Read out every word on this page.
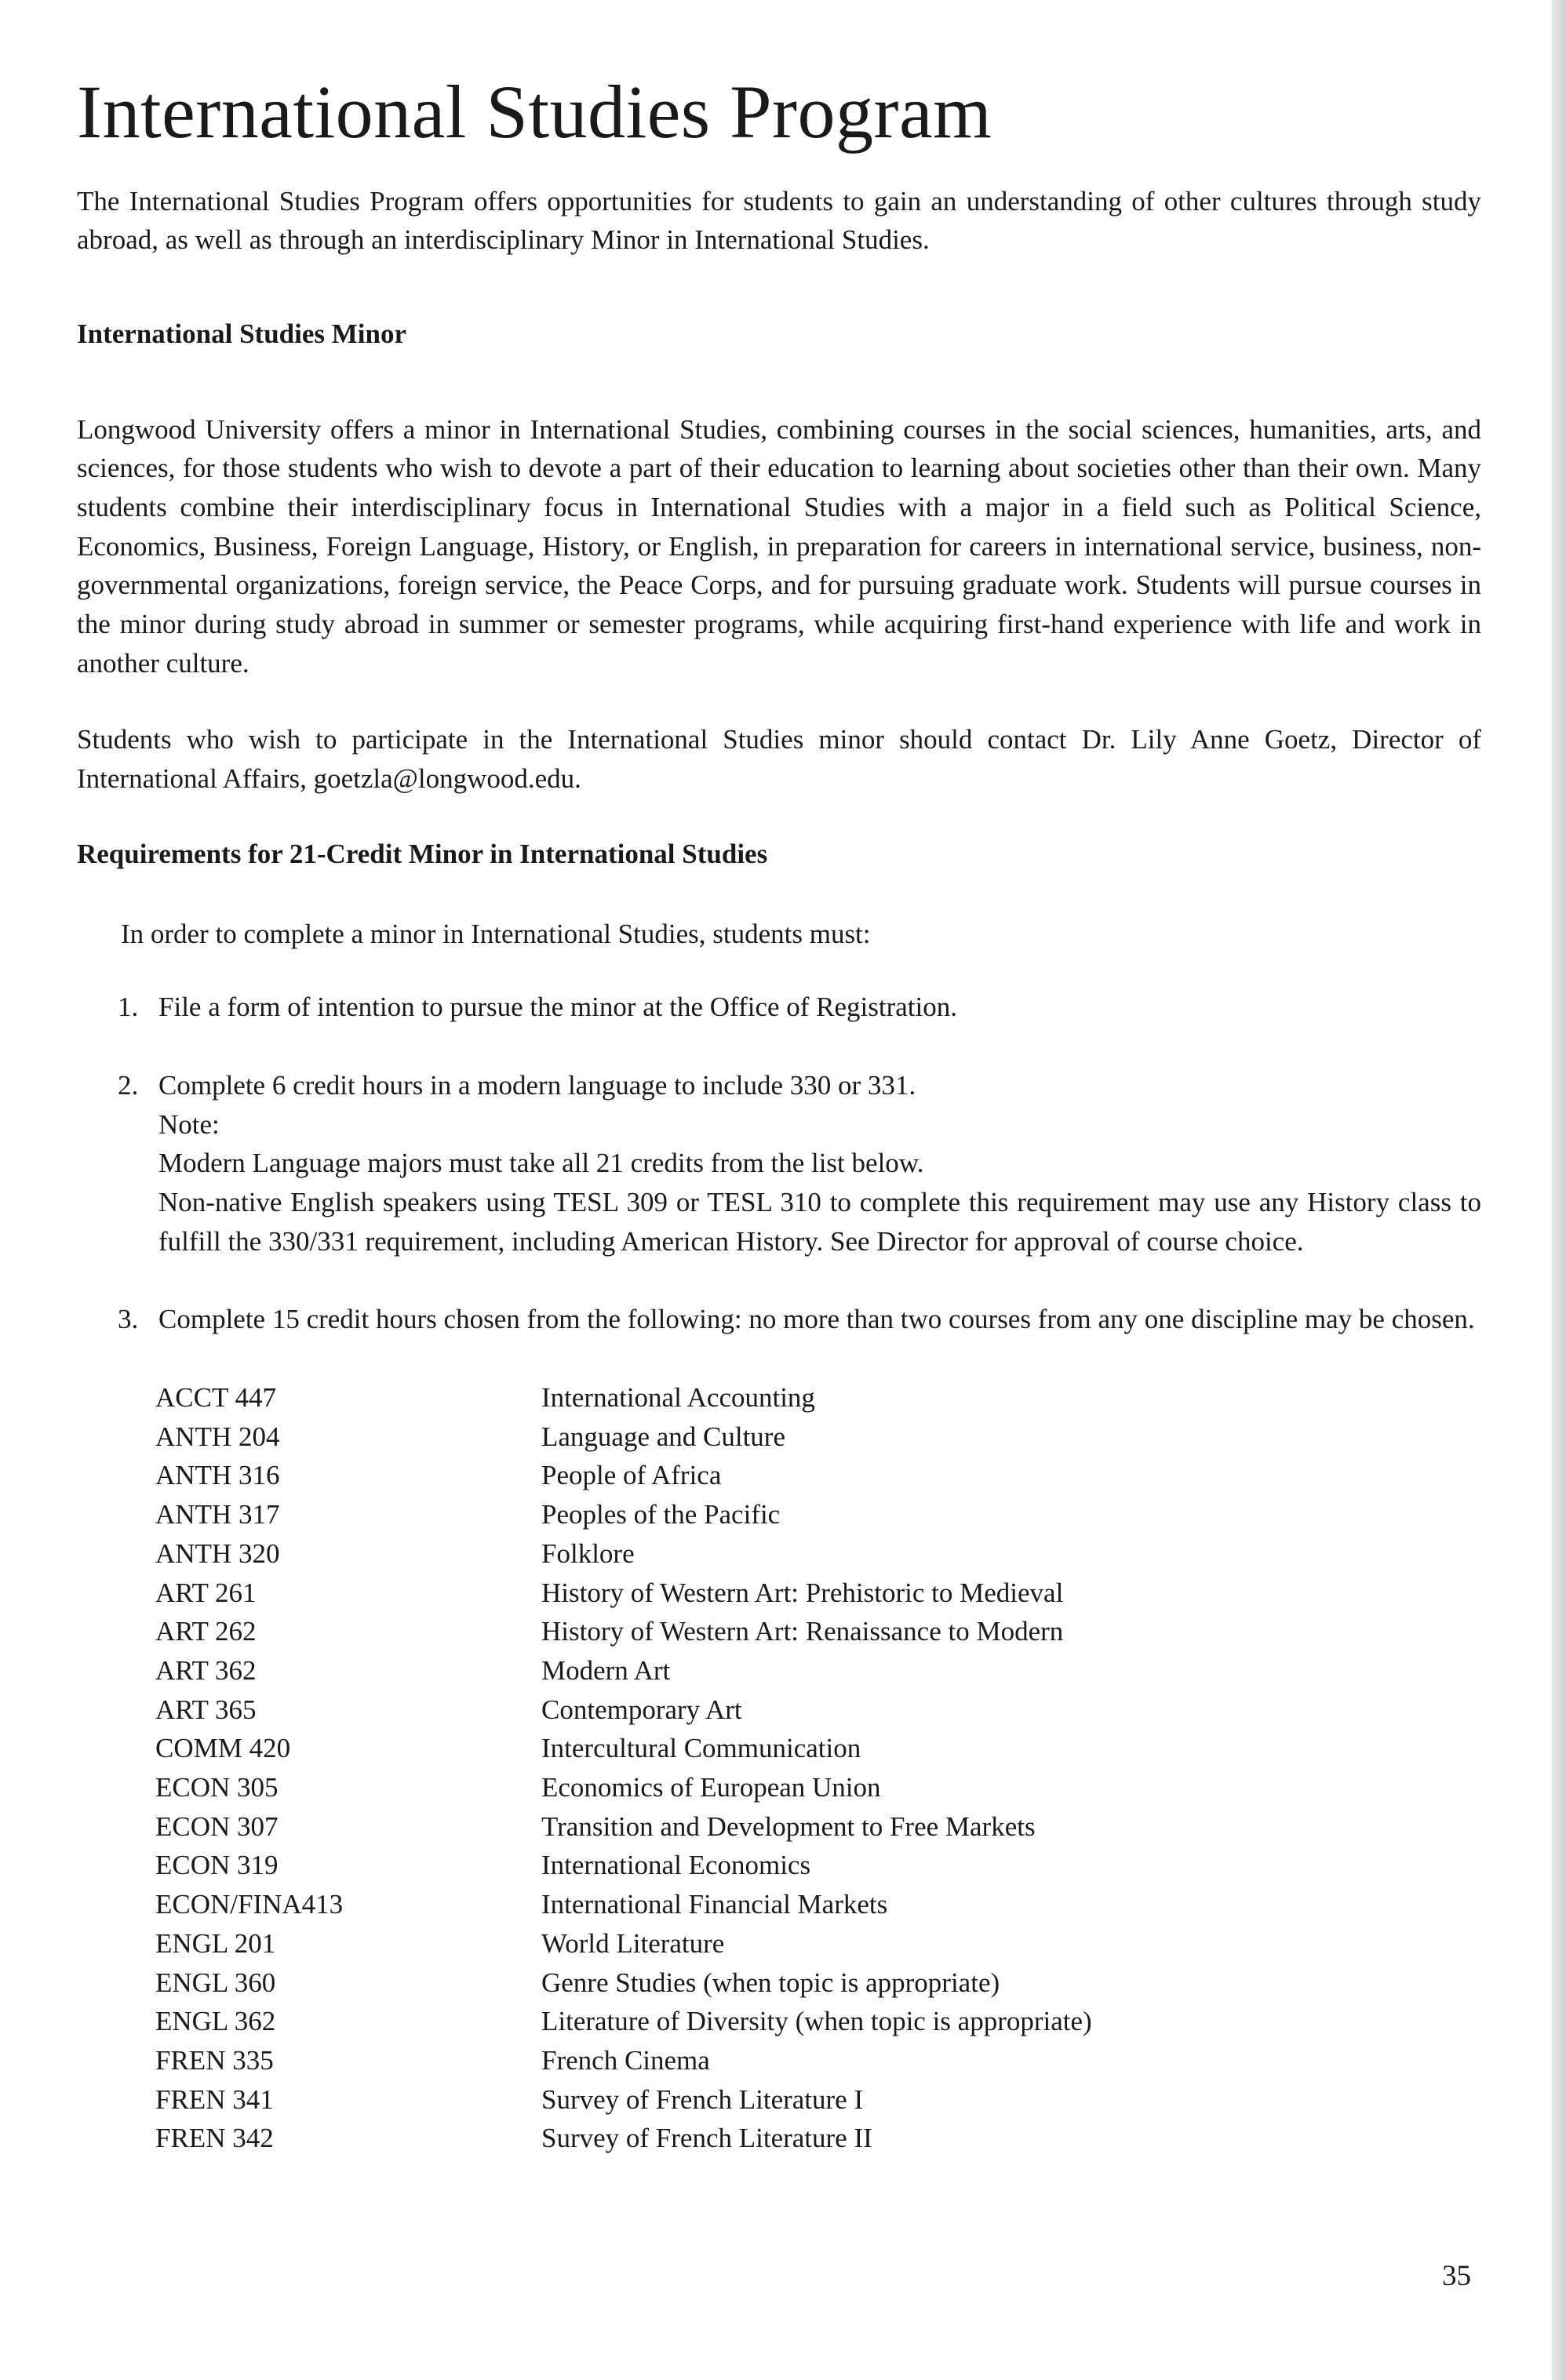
International Studies Program

The International Studies Program offers opportunities for students to gain an understanding of other cultures through study abroad, as well as through an interdisciplinary Minor in International Studies.

International Studies Minor

Longwood University offers a minor in International Studies, combining courses in the social sciences, humanities, arts, and sciences, for those students who wish to devote a part of their education to learning about societies other than their own. Many students combine their interdisciplinary focus in International Studies with a major in a field such as Political Science, Economics, Business, Foreign Language, History, or English, in preparation for careers in international service, business, non-governmental organizations, foreign service, the Peace Corps, and for pursuing graduate work. Students will pursue courses in the minor during study abroad in summer or semester programs, while acquiring first-hand experience with life and work in another culture.

Students who wish to participate in the International Studies minor should contact Dr. Lily Anne Goetz, Director of International Affairs, goetzla@longwood.edu.

Requirements for 21-Credit Minor in International Studies

In order to complete a minor in International Studies, students must:

1. File a form of intention to pursue the minor at the Office of Registration.
2. Complete 6 credit hours in a modern language to include 330 or 331.
Note:
Modern Language majors must take all 21 credits from the list below.
Non-native English speakers using TESL 309 or TESL 310 to complete this requirement may use any History class to fulfill the 330/331 requirement, including American History. See Director for approval of course choice.
3. Complete 15 credit hours chosen from the following: no more than two courses from any one discipline may be chosen.
ACCT 447	International Accounting
ANTH 204	Language and Culture
ANTH 316	People of Africa
ANTH 317	Peoples of the Pacific
ANTH 320	Folklore
ART 261	History of Western Art: Prehistoric to Medieval
ART 262	History of Western Art: Renaissance to Modern
ART 362	Modern Art
ART 365	Contemporary Art
COMM 420	Intercultural Communication
ECON 305	Economics of European Union
ECON 307	Transition and Development to Free Markets
ECON 319	International Economics
ECON/FINA413	International Financial Markets
ENGL 201	World Literature
ENGL 360	Genre Studies (when topic is appropriate)
ENGL 362	Literature of Diversity (when topic is appropriate)
FREN 335	French Cinema
FREN 341	Survey of French Literature I
FREN 342	Survey of French Literature II
35
